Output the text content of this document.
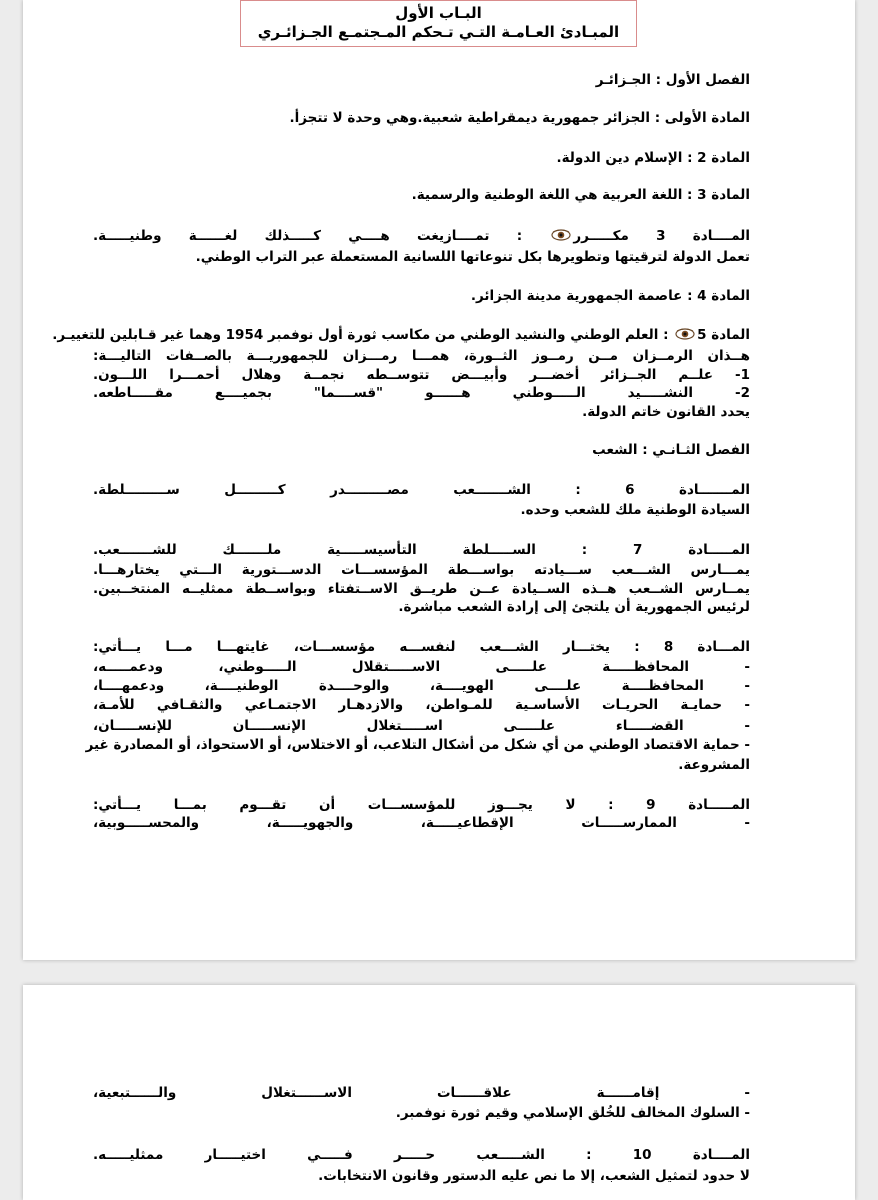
البـاب الأول
المبـادئ العـامـة التـي تـحكم المـجتمـع الجـزائـري
الفصل الأول : الجـزائـر
المادة الأولى : الجزائر جمهورية ديمقراطية شعبية.وهي وحدة لا تتجزأ.
المادة 2 : الإسلام دين الدولة.
المادة 3 : اللغة العربية هي اللغة الوطنية والرسمية.
المــــادة 3 مكـــــرر : تمــــازيغت هــــي كـــــذلك لغــــــة وطنيـــــة.
تعمل الدولة لترقيتها وتطويرها بكل تنوعاتها اللسانية المستعملة عبر التراب الوطني.
المادة 4 : عاصمة الجمهورية مدينة الجزائر.
المادة 5 : العلم الوطني والنشيد الوطني من مكاسب ثورة أول نوفمبر 1954 وهما غير قـابلين للتغييـر.
هــذان الرمــزان مــن رمــوز الثــورة، همـــا رمـــزان للجمهوريـــة بالصــفات التاليـــة:
1- علــم الجــزائر أخضـــر وأبيـــض تتوســطه نجمــة وهلال أحمـــرا اللـــون.
2- النشـــــيد الـــــوطني هــــــو "قســــما" بجميــــع مقـــــاطعه.
يحدد القانون خاتم الدولة.
الفصل الثـانـي : الشعب
المـــــــادة 6 : الشـــــــعب مصـــــــــدر كـــــــــل ســـــــــلطة.
السيادة الوطنية ملك للشعب وحده.
المـــــادة 7 : الســـــلطة التأسيســـــية ملـــــــك للشـــــــعب.
يمـــارس الشـــعب ســـيادته بواســـطة المؤسســـات الدســـتورية الـــتي يختارهـــا.
يمــارس الشــعب هــذه الســيادة عــن طريــق الاســتفتاء وبواســطة ممثليــه المنتخــبين.
لرئيس الجمهورية أن يلتجئ إلى إرادة الشعب مباشرة.
المـــادة 8 : يختـــار الشـــعب لنفســـه مؤسســـات، غايتهـــا مـــا يـــأتي:
- المحافظـــــة علـــــى الاســـــتقلال الـــــوطني، ودعمـــــه،
- المحافظــــة علــــى الهويــــة، والوحــــدة الوطنيــــة، ودعمهــــا،
- حمايـة الحريـات الأساسـية للمـواطن، والازدهـار الاجتمـاعي والثقـافي للأمـة،
- القضـــــاء علـــــى اســـــتغلال الإنســـــان للإنســـــان،
- حماية الاقتصاد الوطني من أي شكل من أشكال التلاعب، أو الاختلاس، أو الاستحواذ، أو المصادرة غير
المشروعة.
المـــــادة 9 : لا يجـــوز للمؤسســـات أن تقـــوم بمـــا يـــأتي:
- الممارســـــات الإقطاعيـــــة، والجهويـــــة، والمحســـــوبية،
- إقامــــــة علاقــــــات الاســــــتغلال والــــــتبعية،
- السلوك المخالف للخُلق الإسلامي وقيم ثورة نوفمبر.
المــــادة 10 : الشـــــعب حـــــر فـــــي اختيـــــار ممثليـــــه.
لا حدود لتمثيل الشعب، إلا ما نص عليه الدستور وقانون الانتخابات.
